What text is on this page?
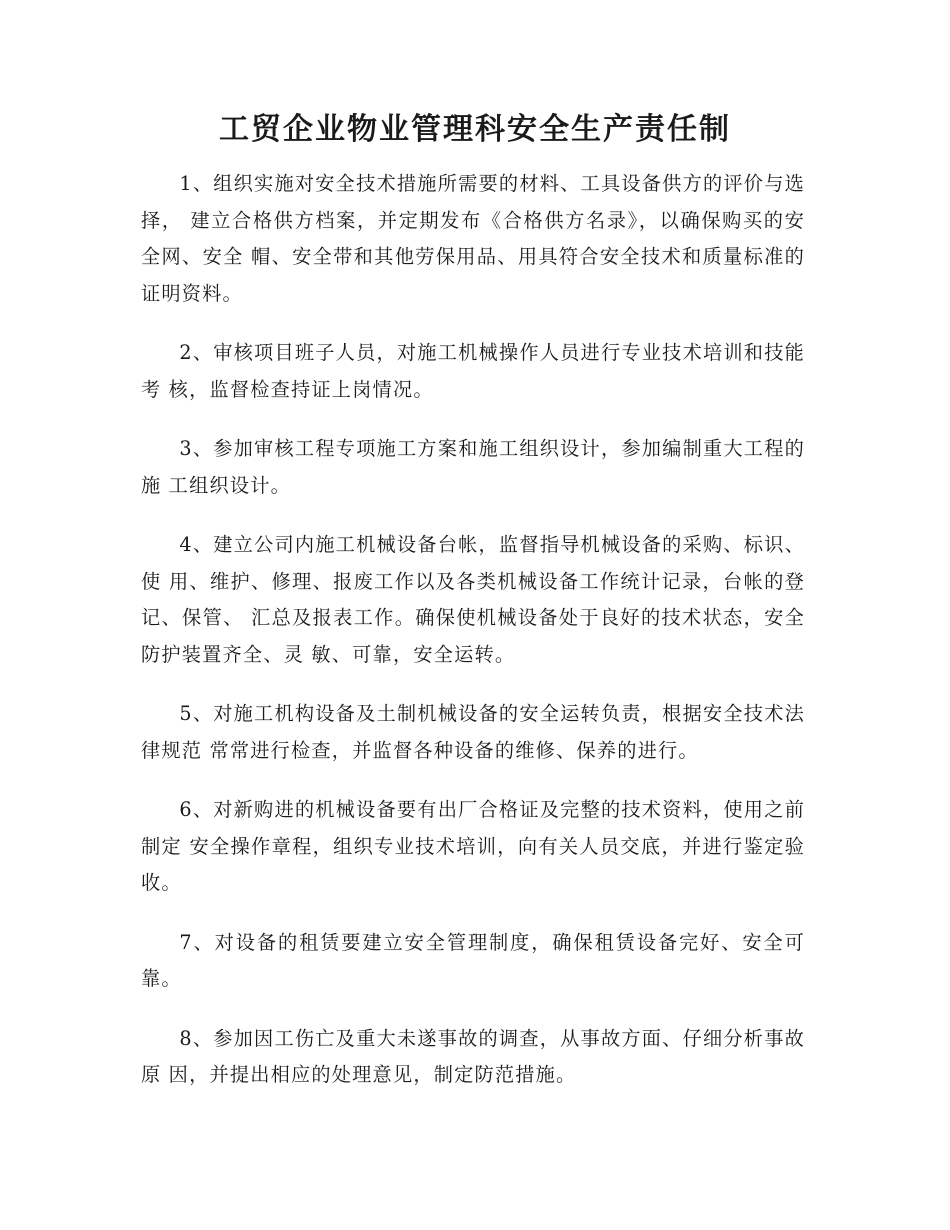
工贸企业物业管理科安全生产责任制

1、组织实施对安全技术措施所需要的材料、工具设备供方的评价与选择， 建立合格供方档案，并定期发布《合格供方名录》，以确保购买的安全网、安全 帽、安全带和其他劳保用品、用具符合安全技术和质量标准的证明资料。

2、审核项目班子人员，对施工机械操作人员进行专业技术培训和技能考 核，监督检查持证上岗情况。

3、参加审核工程专项施工方案和施工组织设计，参加编制重大工程的施 工组织设计。

4、建立公司内施工机械设备台帐，监督指导机械设备的采购、标识、使 用、维护、修理、报废工作以及各类机械设备工作统计记录，台帐的登记、保管、 汇总及报表工作。确保使机械设备处于良好的技术状态，安全防护装置齐全、灵 敏、可靠，安全运转。

5、对施工机构设备及土制机械设备的安全运转负责，根据安全技术法律规范 常常进行检查，并监督各种设备的维修、保养的进行。

6、对新购进的机械设备要有出厂合格证及完整的技术资料，使用之前制定 安全操作章程，组织专业技术培训，向有关人员交底，并进行鉴定验收。

7、对设备的租赁要建立安全管理制度，确保租赁设备完好、安全可靠。

8、参加因工伤亡及重大未遂事故的调查，从事故方面、仔细分析事故原 因，并提出相应的处理意见，制定防范措施。
